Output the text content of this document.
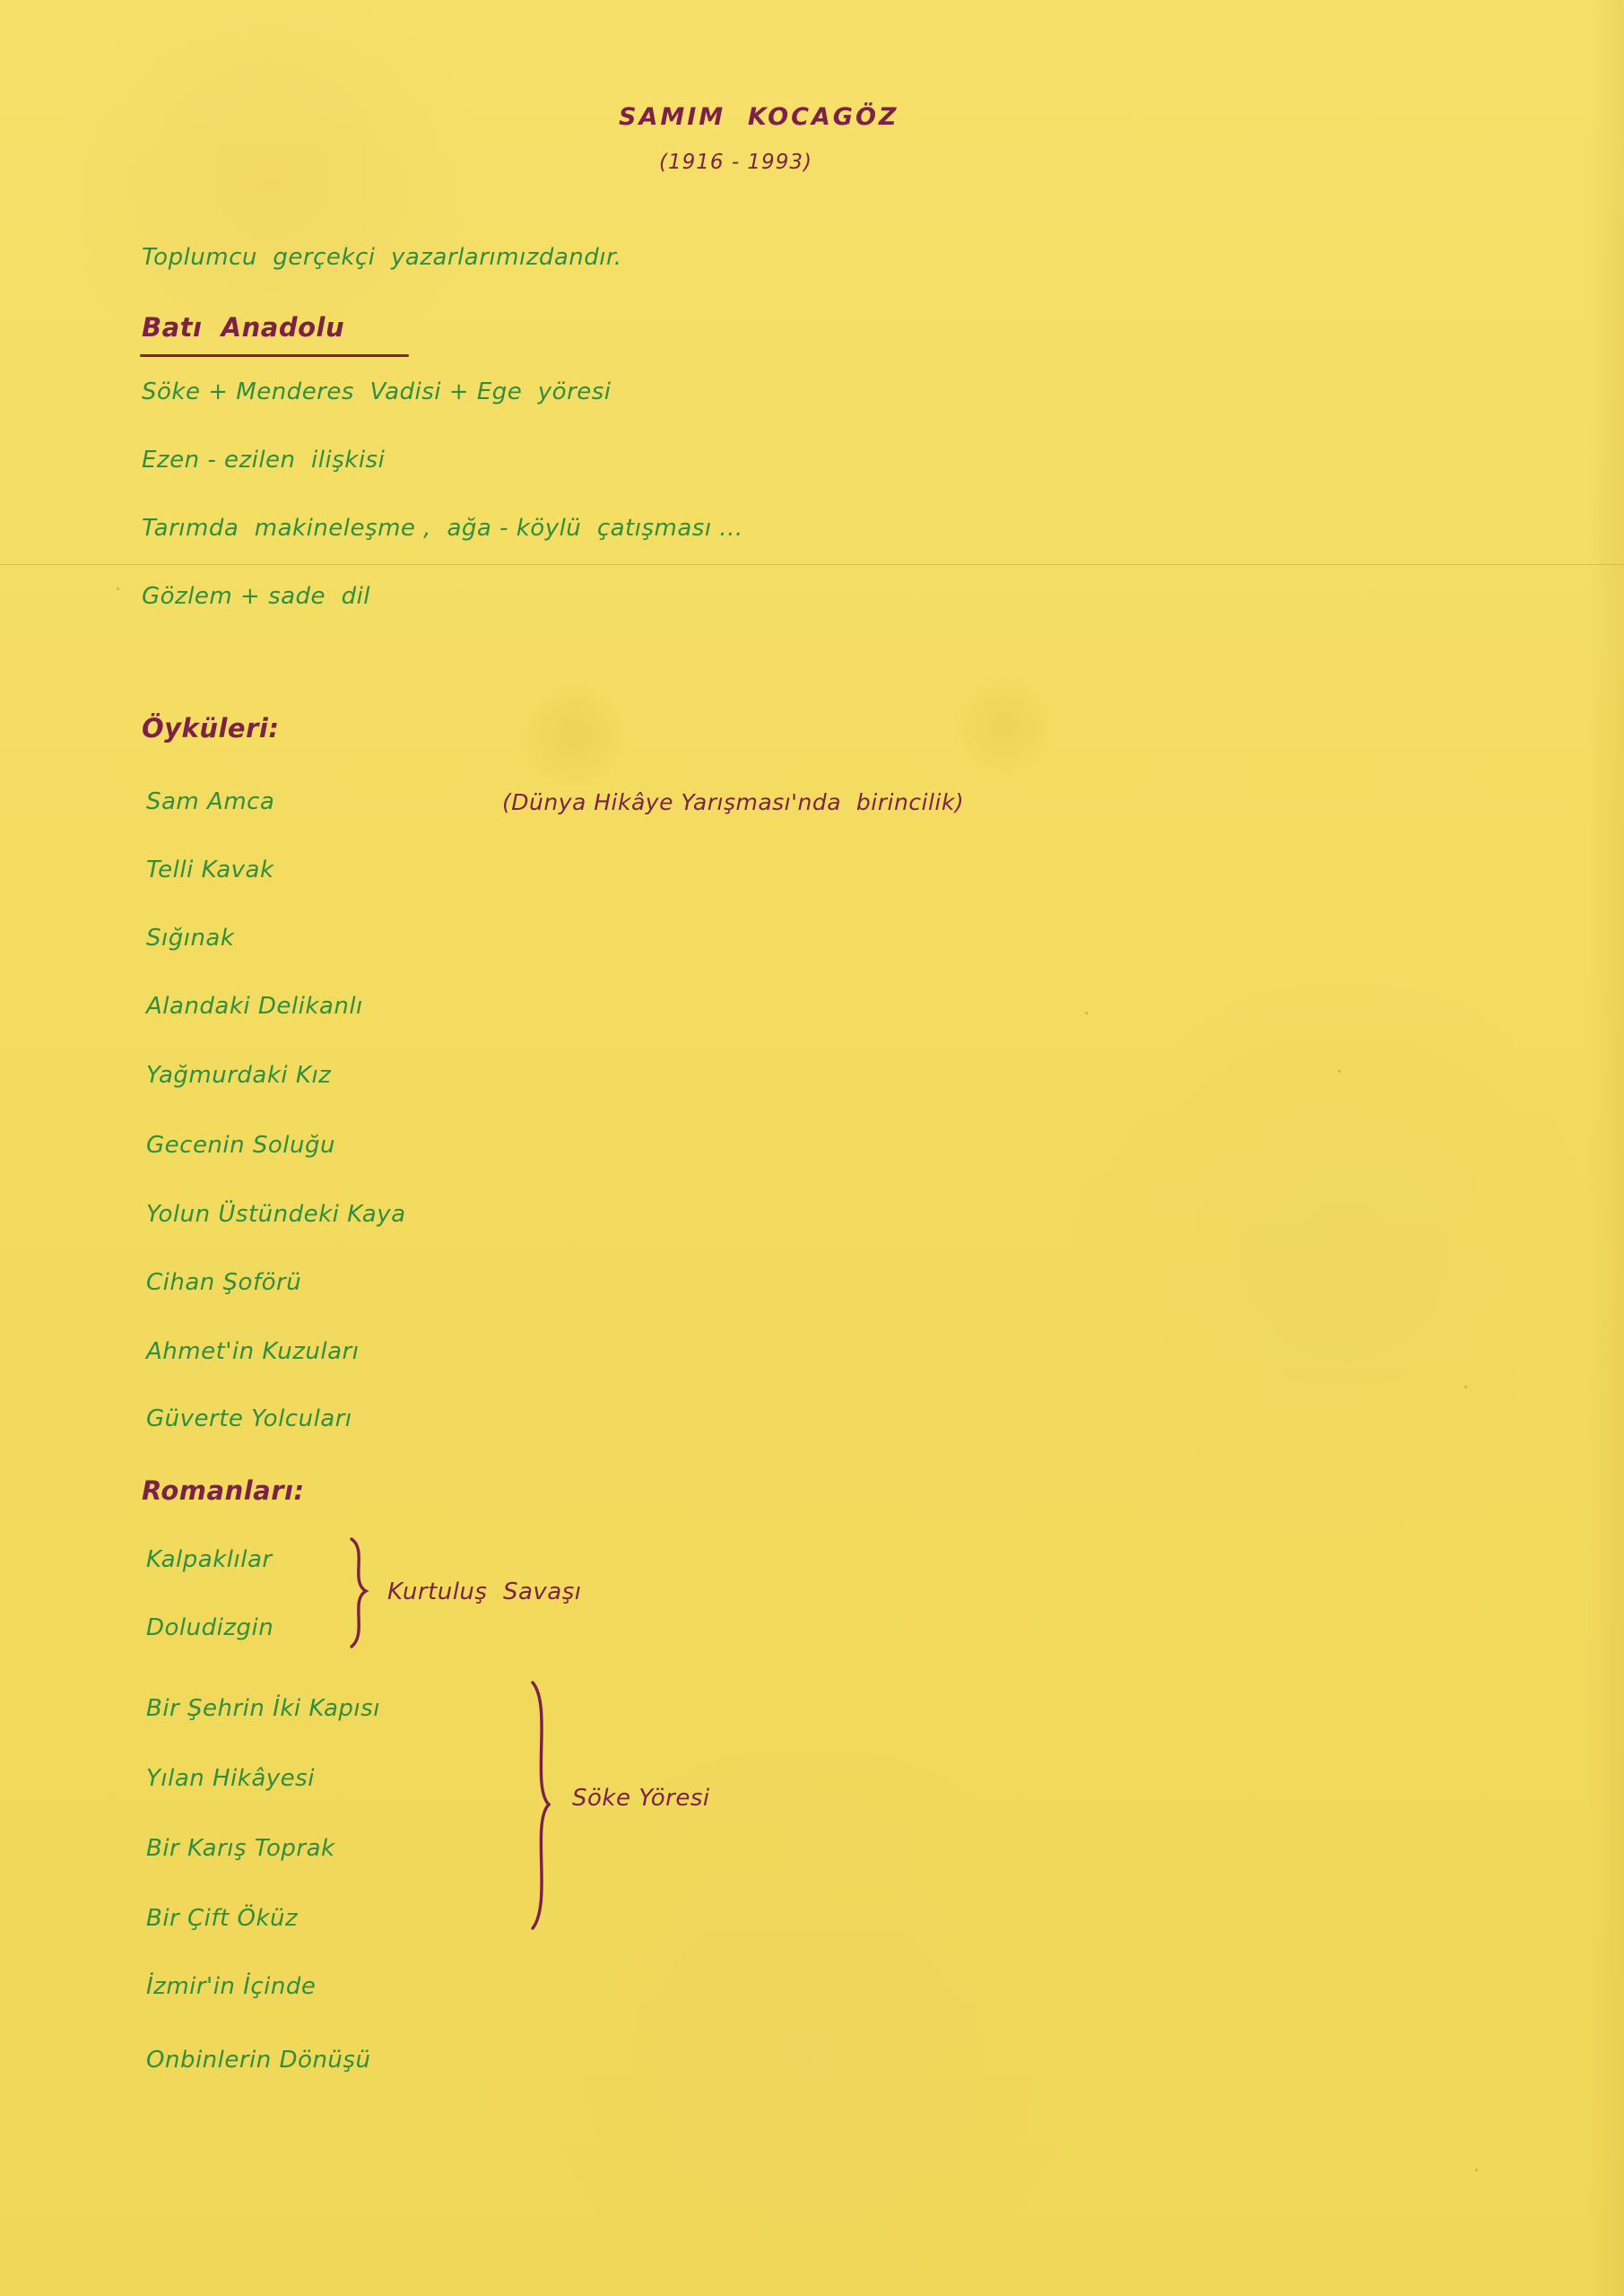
SAMIM  KOCAGÖZ
(1916 - 1993)
Toplumcu  gerçekçi  yazarlarımızdandır.
Batı  Anadolu
Söke + Menderes  Vadisi + Ege  yöresi
Ezen - ezilen  ilişkisi
Tarımda  makineleşme ,  ağa - köylü  çatışması ...
Gözlem + sade  dil
Öyküleri:
Sam Amca	(Dünya Hikâye Yarışması'nda  birincilik)
Telli Kavak
Sığınak
Alandaki Delikanlı
Yağmurdaki Kız
Gecenin Soluğu
Yolun Üstündeki Kaya
Cihan Şoförü
Ahmet'in Kuzuları
Güverte Yolcuları
Romanları:
Kalpaklılar
Doludizgin
Kurtuluş  Savaşı
Bir Şehrin İki Kapısı
Yılan Hikâyesi
Bir Karış Toprak
Bir Çift Öküz
Söke Yöresi
İzmir'in İçinde
Onbinlerin Dönüşü
